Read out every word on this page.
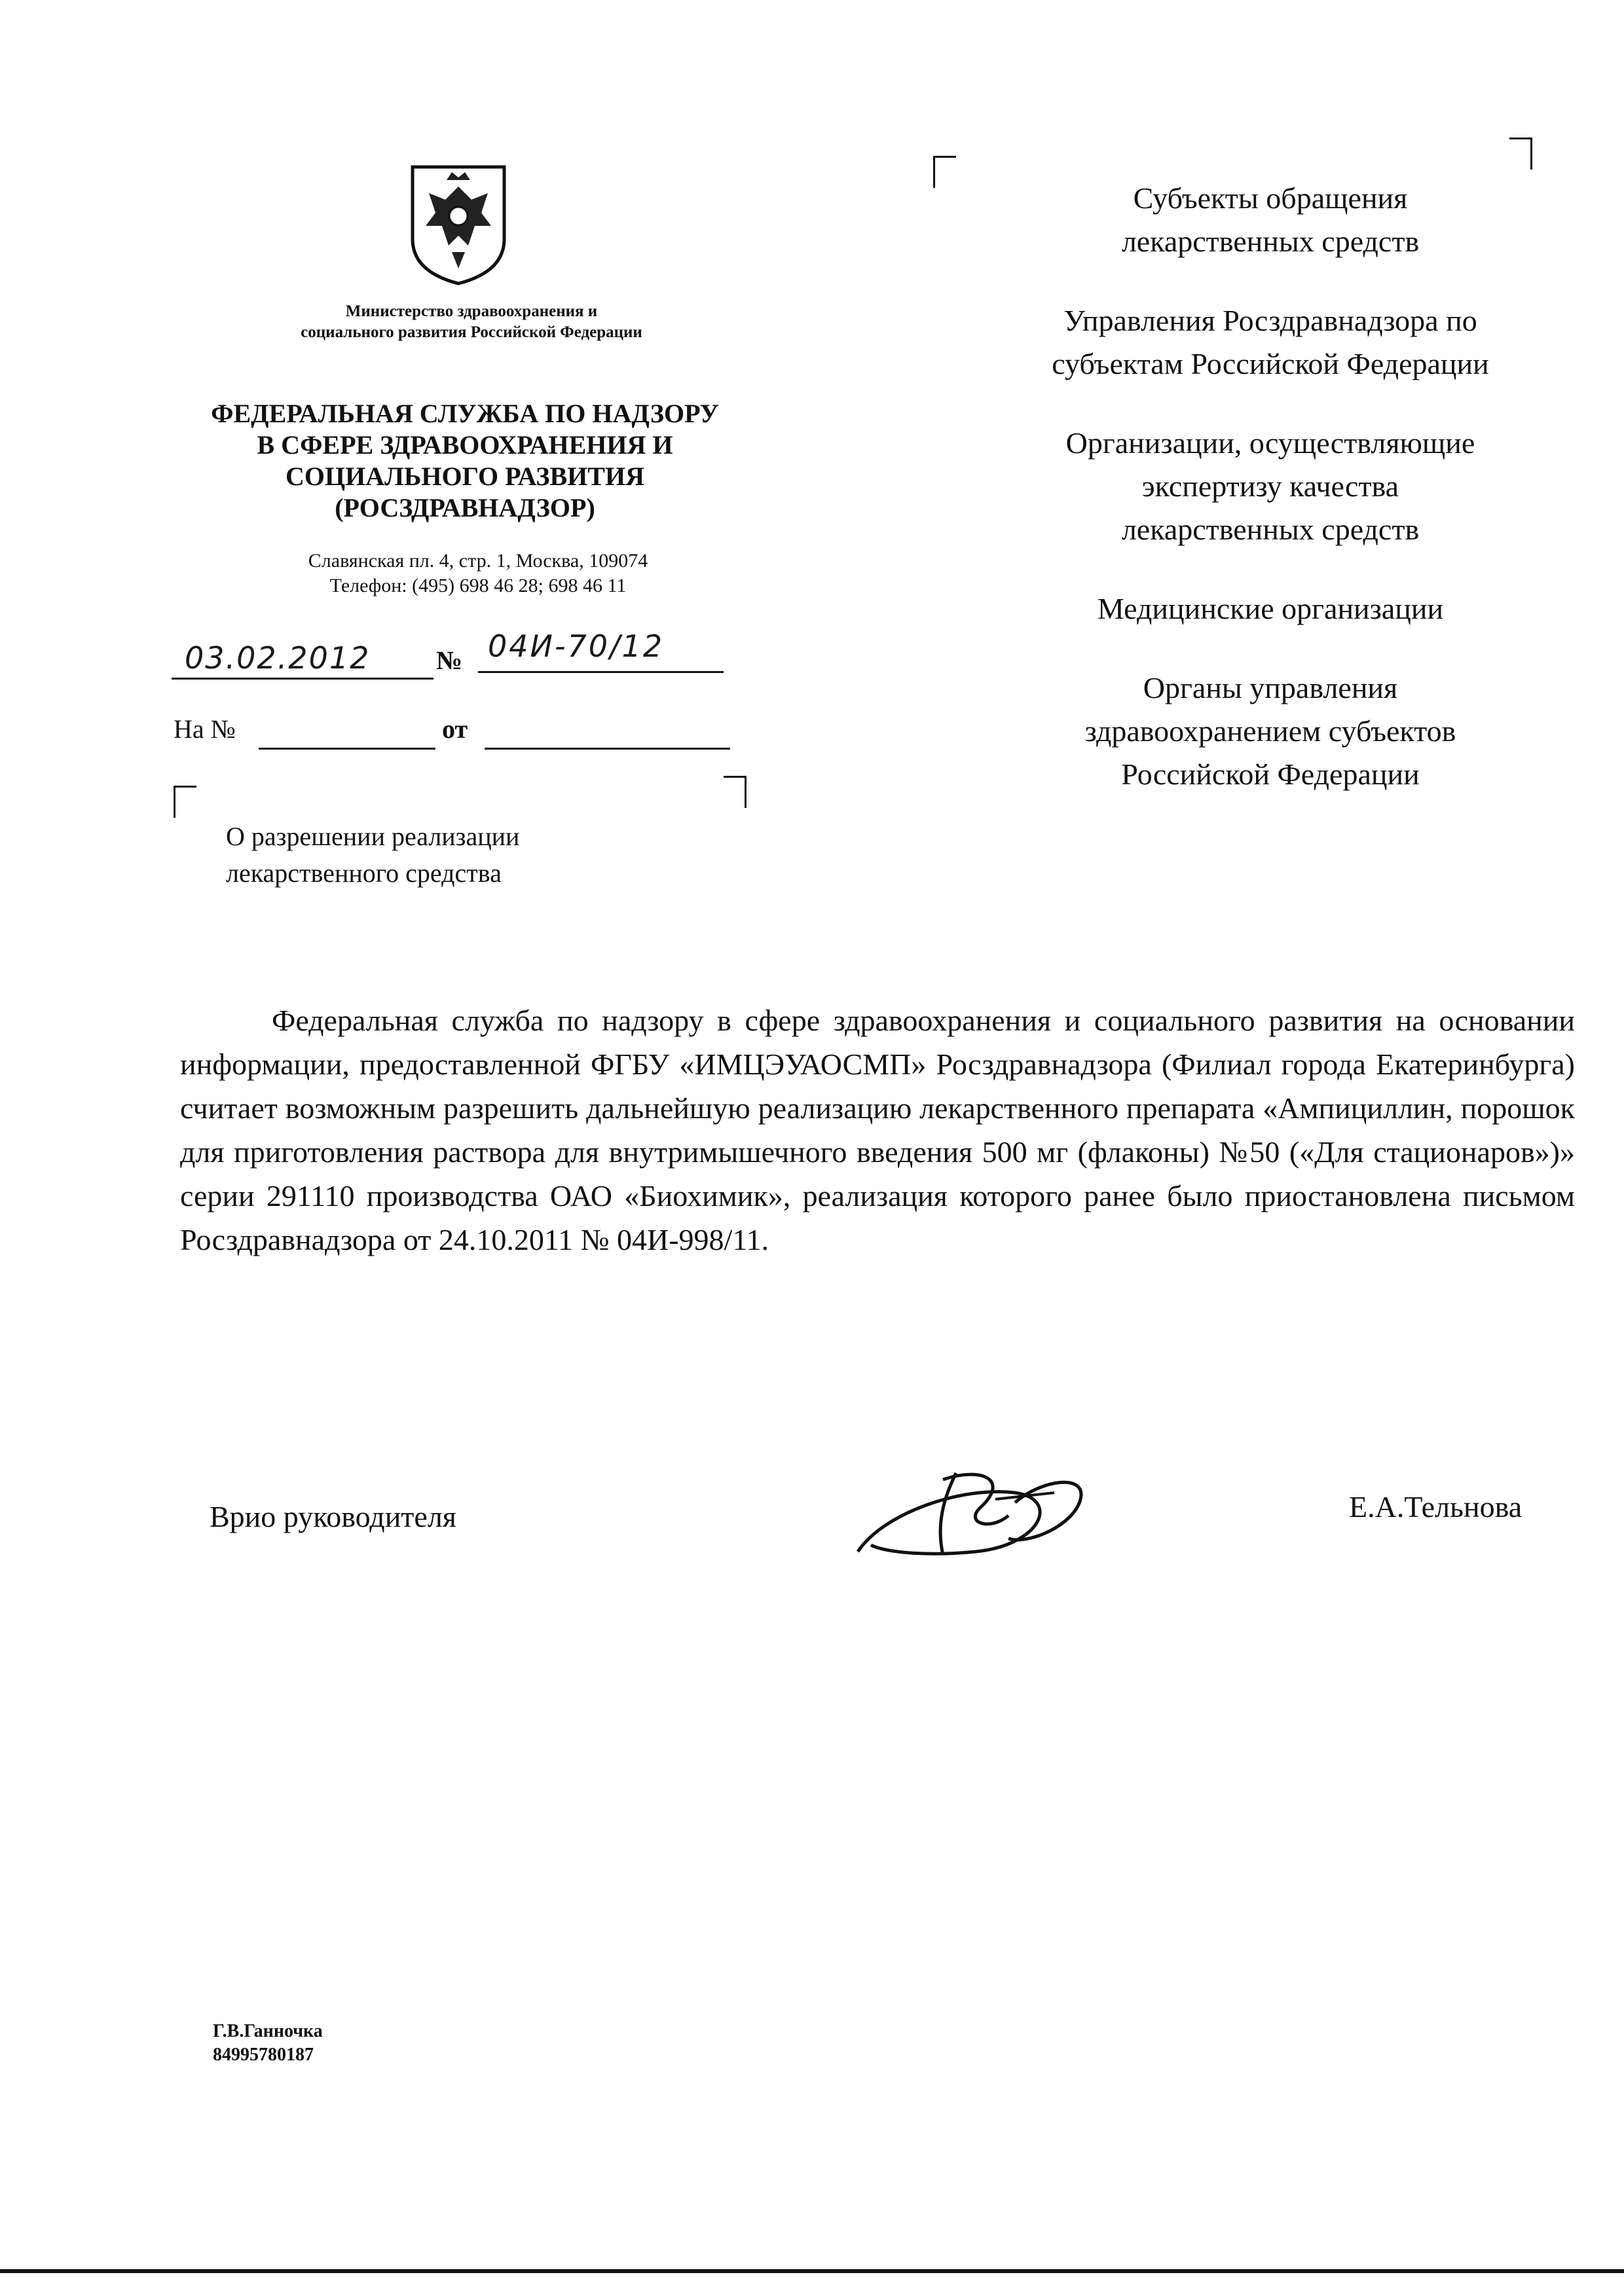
Министерство здравоохранения и
социального развития Российской Федерации
ФЕДЕРАЛЬНАЯ СЛУЖБА ПО НАДЗОРУ
В СФЕРЕ ЗДРАВООХРАНЕНИЯ И
СОЦИАЛЬНОГО РАЗВИТИЯ
(РОСЗДРАВНАДЗОР)
Славянская пл. 4, стр. 1, Москва, 109074
Телефон: (495) 698 46 28; 698 46 11
03.02.2012	№ 04И-70/12
На №	от
О разрешении реализации
лекарственного средства
Субъекты обращения
лекарственных средств
Управления Росздравнадзора по
субъектам Российской Федерации
Организации, осуществляющие
экспертизу качества
лекарственных средств
Медицинские организации
Органы управления
здравоохранением субъектов
Российской Федерации

Федеральная служба по надзору в сфере здравоохранения и социального развития на основании информации, предоставленной ФГБУ «ИМЦЭУАОСМП» Росздравнадзора (Филиал города Екатеринбурга) считает возможным разрешить дальнейшую реализацию лекарственного препарата «Ампициллин, порошок для приготовления раствора для внутримышечного введения 500 мг (флаконы) №50 («Для стационаров»)» серии 291110 производства ОАО «Биохимик», реализация которого ранее было приостановлена письмом Росздравнадзора от 24.10.2011 № 04И-998/11.

Врио руководителя	Е.А.Тельнова
Г.В.Ганночка
84995780187
